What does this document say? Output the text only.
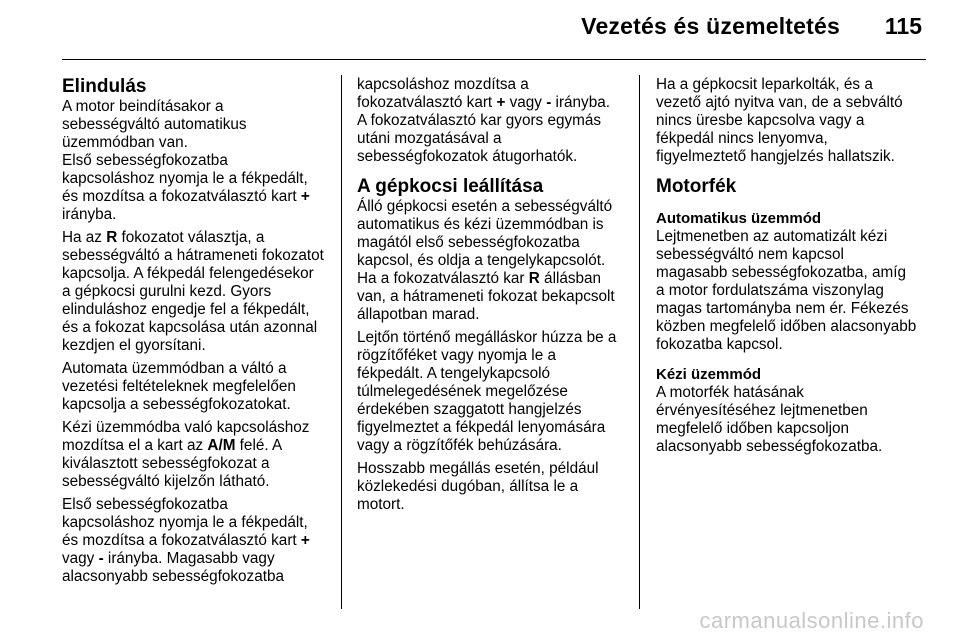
Vezetés és üzemeltetés 115
Elindulás

A motor beindításakor a sebességváltó automatikus üzemmódban van.
Első sebességfokozatba kapcsoláshoz nyomja le a fékpedált, és mozdítsa a fokozatválasztó kart + irányba.

Ha az R fokozatot választja, a sebességváltó a hátrameneti fokozatot kapcsolja. A fékpedál felengedésekor a gépkocsi gurulni kezd. Gyors elinduláshoz engedje fel a fékpedált, és a fokozat kapcsolása után azonnal kezdjen el gyorsítani.

Automata üzemmódban a váltó a vezetési feltételeknek megfelelően kapcsolja a sebességfokozatokat.

Kézi üzemmódba való kapcsoláshoz mozdítsa el a kart az A/M felé. A kiválasztott sebességfokozat a sebességváltó kijelzőn látható.

Első sebességfokozatba kapcsoláshoz nyomja le a fékpedált, és mozdítsa a fokozatválasztó kart + vagy - irányba. Magasabb vagy alacsonyabb sebességfokozatba

kapcsoláshoz mozdítsa a fokozatválasztó kart + vagy - irányba. A fokozatválasztó kar gyors egymás utáni mozgatásával a sebességfokozatok átugorhatók.

A gépkocsi leállítása

Álló gépkocsi esetén a sebességváltó automatikus és kézi üzemmódban is magától első sebességfokozatba kapcsol, és oldja a tengelykapcsolót.
Ha a fokozatválasztó kar R állásban van, a hátrameneti fokozat bekapcsolt állapotban marad.

Lejtőn történő megálláskor húzza be a rögzítőféket vagy nyomja le a fékpedált. A tengelykapcsoló túlmelegedésének megelőzése érdekében szaggatott hangjelzés figyelmeztet a fékpedál lenyomására vagy a rögzítőfék behúzására.

Hosszabb megállás esetén, például közlekedési dugóban, állítsa le a motort.

Ha a gépkocsit leparkolták, és a vezető ajtó nyitva van, de a sebváltó nincs üresbe kapcsolva vagy a fékpedál nincs lenyomva, figyelmeztető hangjelzés hallatszik.

Motorfék
Automatikus üzemmód

Lejtmenetben az automatizált kézi sebességváltó nem kapcsol magasabb sebességfokozatba, amíg a motor fordulatszáma viszonylag magas tartományba nem ér. Fékezés közben megfelelő időben alacsonyabb fokozatba kapcsol.

Kézi üzemmód

A motorfék hatásának érvényesítéséhez lejtmenetben megfelelő időben kapcsoljon alacsonyabb sebességfokozatba.

carmanualsonline.info
